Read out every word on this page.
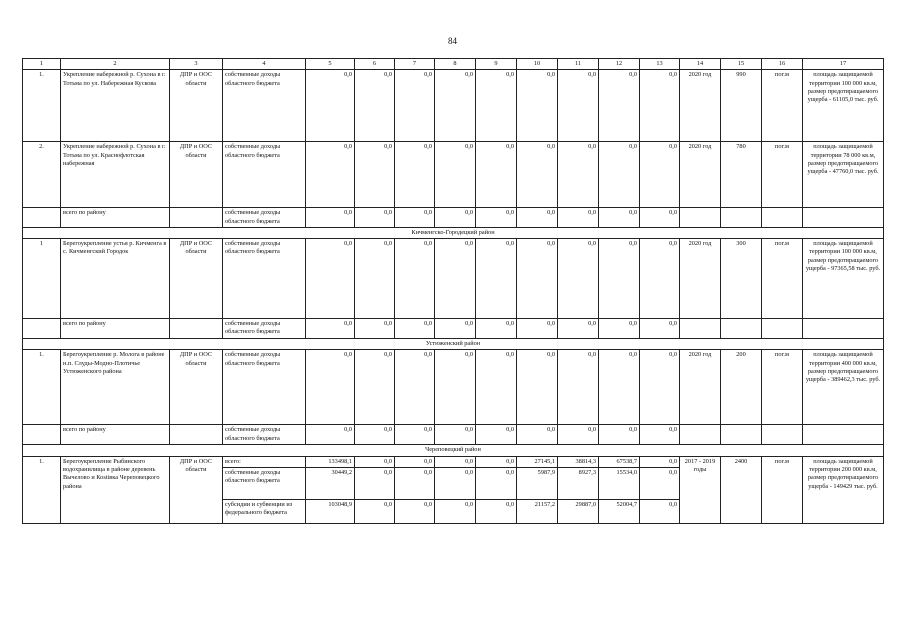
84
1	2	3	4	5	6	7	8	9	10	11	12	13	14	15	16	17
1.	Укрепление набережной р. Сухона в г. Тотьма по ул. Набережная Кускова	ДПР и ООС области	собственные доходы областного бюджета	0,0	0,0	0,0	0,0	0,0	0,0	0,0	0,0	0,0	2020 год	990	пог.м	площадь защищаемой территории 100 000 кв.м, размер предотвращаемого ущерба - 61105,0 тыс. руб.
2.	Укрепление набережной р. Сухона в г. Тотьма по ул. Краснофлотская набережная	ДПР и ООС области	собственные доходы областного бюджета	0,0	0,0	0,0	0,0	0,0	0,0	0,0	0,0	0,0	2020 год	780	пог.м	площадь защищаемой территории 78 000 кв.м, размер предотвращаемого ущерба - 47760,0 тыс. руб.
	всего по району		собственные доходы областного бюджета	0,0	0,0	0,0	0,0	0,0	0,0	0,0	0,0	0,0				
Кичменгско-Городецкий район																
1	Берегоукрепление устья р. Кичменга в с. Кичменгский Городок	ДПР и ООС области	собственные доходы областного бюджета	0,0	0,0	0,0	0,0	0,0	0,0	0,0	0,0	0,0	2020 год	300	пог.м	площадь защищаемой территории 100 000 кв.м, размер предотвращаемого ущерба - 97365,58 тыс. руб.
	всего по району		собственные доходы областного бюджета	0,0	0,0	0,0	0,0	0,0	0,0	0,0	0,0	0,0				
Устюженский район																
1.	Берегоукрепление р. Молога в районе н.п. Слуды-Модно-Плотичье Устюженского района	ДПР и ООС области	собственные доходы областного бюджета	0,0	0,0	0,0	0,0	0,0	0,0	0,0	0,0	0,0	2020 год	200	пог.м	площадь защищаемой территории 400 000 кв.м, размер предотвращаемого ущерба - 389462,3 тыс. руб.
	всего по району		собственные доходы областного бюджета	0,0	0,0	0,0	0,0	0,0	0,0	0,0	0,0	0,0				
Череповецкий район																
1.	Берегоукрепление Рыбинского водохранилища в районе деревень Вычелово и Коstiвка Череповецкого района	ДПР и ООС области	всего:	133498,1	0,0	0,0	0,0	0,0	27145,1	38814,3	67538,7	0,0	2017 - 2019 годы	2400	пог.м	площадь защищаемой территории 200 000 кв.м, размер предотвращаемого ущерба - 149429 тыс. руб.
			собственные доходы областного бюджета	30449,2	0,0	0,0	0,0	0,0	5987,9	8927,3	15534,0	0,0				
			субсидии и субвенции из федерального бюджета	103048,9	0,0	0,0	0,0	0,0	21157,2	29887,0	52004,7	0,0				
